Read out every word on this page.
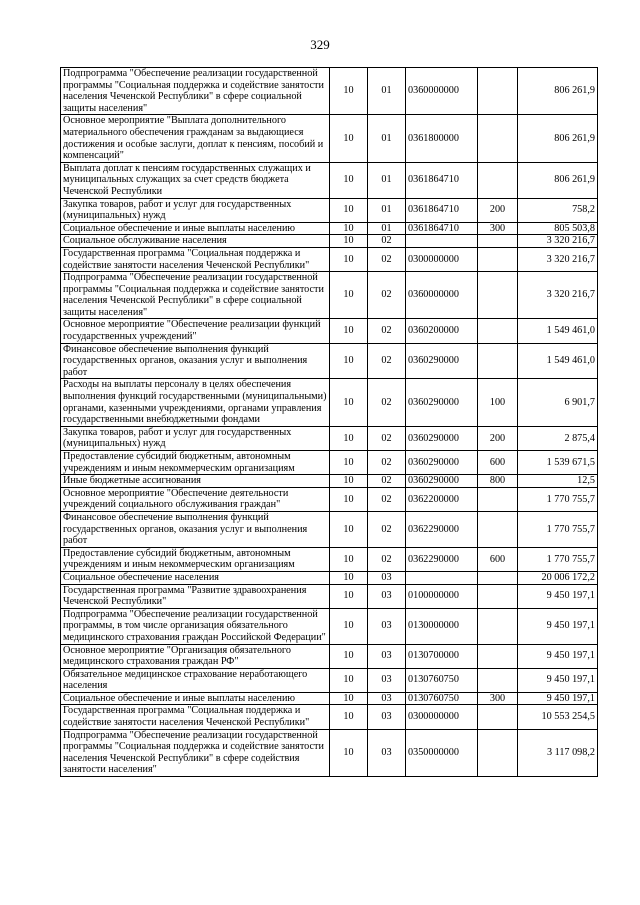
329
Подпрограмма "Обеспечение реализации государственной программы "Социальная поддержка и содействие занятости населения Чеченской Республики" в сфере социальной защиты населения"	10	01	0360000000		806 261,9
Основное мероприятие "Выплата дополнительного материального обеспечения гражданам за выдающиеся достижения и особые заслуги, доплат к пенсиям, пособий и компенсаций"	10	01	0361800000		806 261,9
Выплата доплат к пенсиям государственных служащих и муниципальных служащих за счет средств бюджета Чеченской Республики	10	01	0361864710		806 261,9
Закупка товаров, работ и услуг для государственных (муниципальных) нужд	10	01	0361864710	200	758,2
Социальное обеспечение и иные выплаты населению	10	01	0361864710	300	805 503,8
Социальное обслуживание населения	10	02			3 320 216,7
Государственная программа "Социальная поддержка и содействие занятости населения Чеченской Республики"	10	02	0300000000		3 320 216,7
Подпрограмма "Обеспечение реализации государственной программы "Социальная поддержка и содействие занятости населения Чеченской Республики" в сфере социальной защиты населения"	10	02	0360000000		3 320 216,7
Основное мероприятие "Обеспечение реализации функций государственных учреждений"	10	02	0360200000		1 549 461,0
Финансовое обеспечение выполнения функций государственных органов, оказания услуг и выполнения работ	10	02	0360290000		1 549 461,0
Расходы на выплаты персоналу в целях обеспечения выполнения функций государственными (муниципальными) органами, казенными учреждениями, органами управления государственными внебюджетными фондами	10	02	0360290000	100	6 901,7
Закупка товаров, работ и услуг для государственных (муниципальных) нужд	10	02	0360290000	200	2 875,4
Предоставление субсидий бюджетным, автономным учреждениям и иным некоммерческим организациям	10	02	0360290000	600	1 539 671,5
Иные бюджетные ассигнования	10	02	0360290000	800	12,5
Основное мероприятие "Обеспечение деятельности учреждений социального обслуживания граждан"	10	02	0362200000		1 770 755,7
Финансовое обеспечение выполнения функций государственных органов, оказания услуг и выполнения работ	10	02	0362290000		1 770 755,7
Предоставление субсидий бюджетным, автономным учреждениям и иным некоммерческим организациям	10	02	0362290000	600	1 770 755,7
Социальное обеспечение населения	10	03			20 006 172,2
Государственная программа "Развитие здравоохранения Чеченской Республики"	10	03	0100000000		9 450 197,1
Подпрограмма "Обеспечение реализации государственной программы, в том числе организация обязательного медицинского страхования граждан Российской Федерации"	10	03	0130000000		9 450 197,1
Основное мероприятие "Организация обязательного медицинского страхования граждан РФ"	10	03	0130700000		9 450 197,1
Обязательное медицинское страхование неработающего населения	10	03	0130760750		9 450 197,1
Социальное обеспечение и иные выплаты населению	10	03	0130760750	300	9 450 197,1
Государственная программа "Социальная поддержка и содействие занятости населения Чеченской Республики"	10	03	0300000000		10 553 254,5
Подпрограмма "Обеспечение реализации государственной программы "Социальная поддержка и содействие занятости населения Чеченской Республики" в сфере содействия занятости населения"	10	03	0350000000		3 117 098,2
